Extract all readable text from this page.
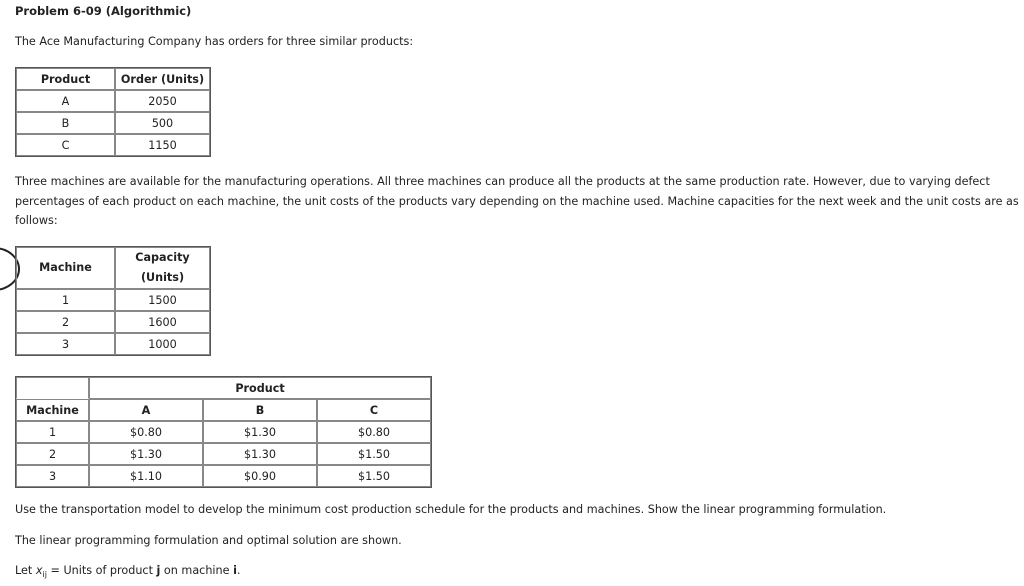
Problem 6-09 (Algorithmic)
The Ace Manufacturing Company has orders for three similar products:
Product	Order (Units)
A	2050
B	500
C	1150
Three machines are available for the manufacturing operations. All three machines can produce all the products at the same production rate. However, due to varying defect percentages of each product on each machine, the unit costs of the products vary depending on the machine used. Machine capacities for the next week and the unit costs are as follows:
Machine	Capacity
(Units)
1	1500
2	1600
3	1000
	Product		
Machine	A	B	C
1	$0.80	$1.30	$0.80
2	$1.30	$1.30	$1.50
3	$1.10	$0.90	$1.50
Use the transportation model to develop the minimum cost production schedule for the products and machines. Show the linear programming formulation.
The linear programming formulation and optimal solution are shown.
Let $x_{ij}$ = Units of product j on machine i.
